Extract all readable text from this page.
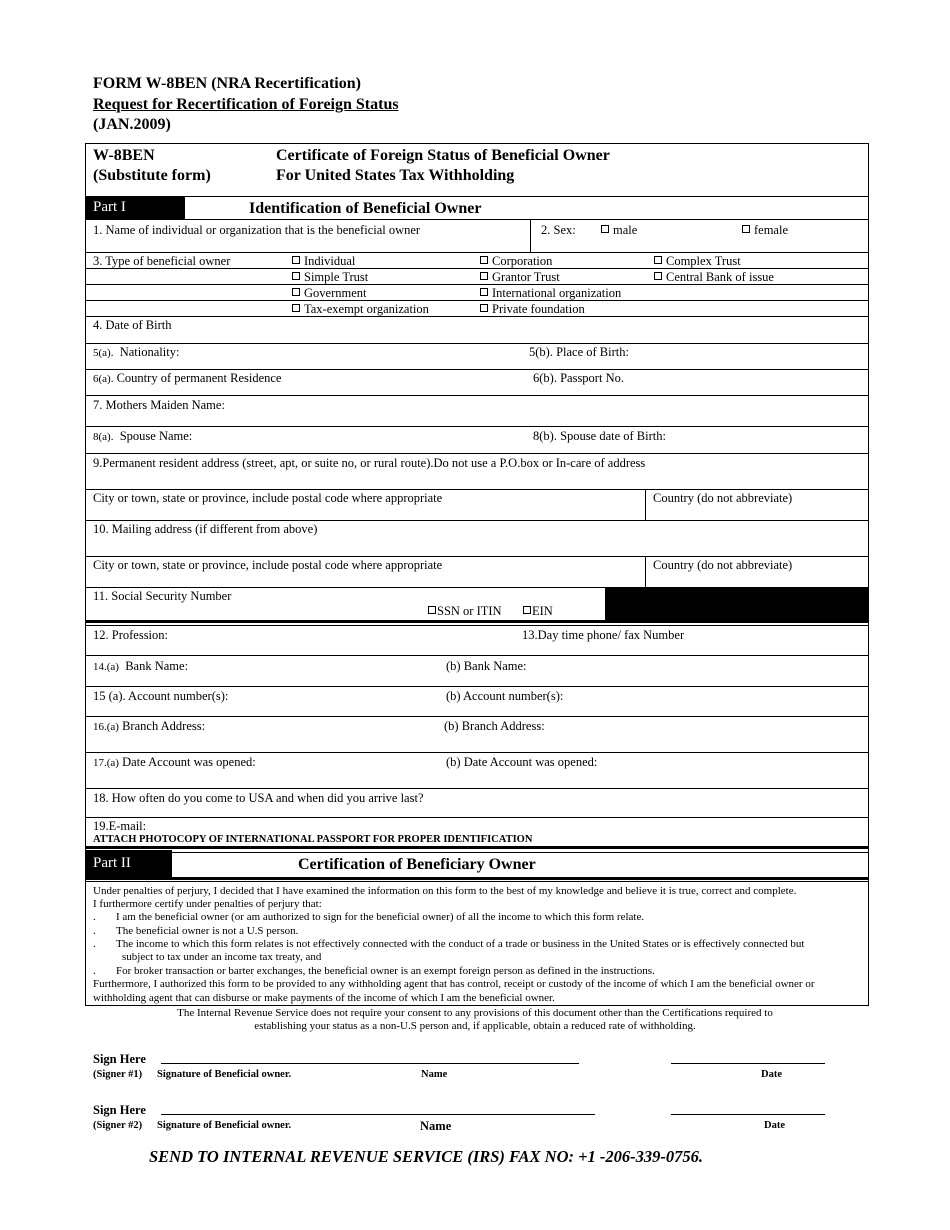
FORM W-8BEN (NRA Recertification)
Request for Recertification of Foreign Status
(JAN.2009)
W-8BEN
(Substitute form)
Certificate of Foreign Status of Beneficial Owner
For United States Tax Withholding
Part I	Identification of Beneficial Owner
1. Name of individual or organization that is the beneficial owner	2. Sex:	male	female
3. Type of beneficial owner	Individual	Corporation	Complex Trust
Simple Trust	Grantor Trust	Central Bank of issue
Government	International organization
Tax-exempt organization	Private foundation
4. Date of Birth
5(a). Nationality:	5(b). Place of Birth:
6(a). Country of permanent Residence	6(b). Passport No.
7. Mothers Maiden Name:
8(a). Spouse Name:	8(b). Spouse date of Birth:
9.Permanent resident address (street, apt, or suite no, or rural route).Do not use a P.O.box or In-care of address
City or town, state or province, include postal code where appropriate	Country (do not abbreviate)
10. Mailing address (if different from above)
City or town, state or province, include postal code where appropriate	Country (do not abbreviate)
11. Social Security Number
SSN or ITIN	EIN
12. Profession:	13.Day time phone/ fax Number
14.(a) Bank Name:	(b) Bank Name:
15 (a). Account number(s):	(b) Account number(s):
16.(a) Branch Address:	(b) Branch Address:
17.(a) Date Account was opened:	(b) Date Account was opened:
18. How often do you come to USA and when did you arrive last?
19.E-mail:
ATTACH PHOTOCOPY OF INTERNATIONAL PASSPORT FOR PROPER IDENTIFICATION
Part II	Certification of Beneficiary Owner
Under penalties of perjury, I decided that I have examined the information on this form to the best of my knowledge and believe it is true, correct and complete.
I furthermore certify under penalties of perjury that:
. I am the beneficial owner (or am authorized to sign for the beneficial owner) of all the income to which this form relate.
. The beneficial owner is not a U.S person.
. The income to which this form relates is not effectively connected with the conduct of a trade or business in the United States or is effectively connected but
subject to tax under an income tax treaty, and
. For broker transaction or barter exchanges, the beneficial owner is an exempt foreign person as defined in the instructions.
Furthermore, I authorized this form to be provided to any withholding agent that has control, receipt or custody of the income of which I am the beneficial owner or
withholding agent that can disburse or make payments of the income of which I am the beneficial owner.
The Internal Revenue Service does not require your consent to any provisions of this document other than the Certifications required to
establishing your status as a non-U.S person and, if applicable, obtain a reduced rate of withholding.
Sign Here
(Signer #1) Signature of Beneficial owner.	Name	Date
Sign Here
(Signer #2) Signature of Beneficial owner.	Name	Date
SEND TO INTERNAL REVENUE SERVICE (IRS) FAX NO: +1 -206-339-0756.
